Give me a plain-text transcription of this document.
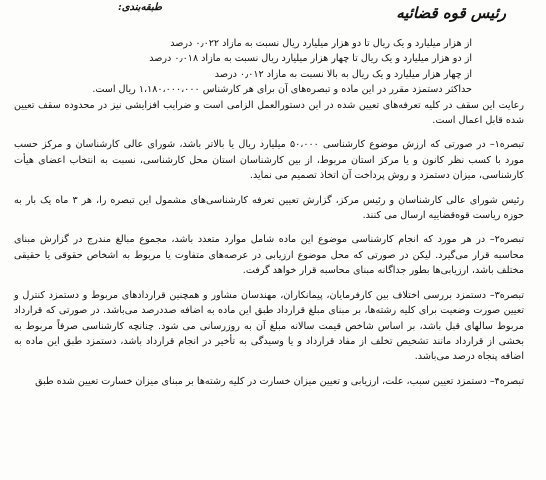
رئیس قوه قضائیه
طبقه‌بندی:

از هزار میلیارد و یک ریال تا دو هزار میلیارد ریال نسبت به مازاد ۰٫۰۲۲ درصد

از دو هزار میلیارد و یک ریال تا چهار هزار میلیارد ریال نسبت به مازاد ۰٫۰۱۸ درصد

از چهار هزار میلیارد و یک ریال به بالا نسبت به مازاد ۰٫۰۱۲ درصد

حداکثر دستمزد مقرر در این ماده و تبصره‌های آن برای هر کارشناس ۱،۱۸۰،۰۰۰،۰۰۰ ریال است.

رعایت این سقف در کلیه تعرفه‌های تعیین شده در این دستورالعمل الزامی است و ضرایب افزایشی نیز در محدوده سقف تعیین شده قابل اعمال است.

تبصره۱– در صورتی که ارزش موضوع کارشناسی ۵۰،۰۰۰ میلیارد ریال یا بالاتر باشد، شورای عالی کارشناسان و مرکز حسب مورد با کسب نظر کانون و یا مرکز استان مربوط، از بین کارشناسان استان محل کارشناسی، نسبت به انتخاب اعضای هیأت کارشناسی، میزان دستمزد و روش پرداخت آن اتخاذ تصمیم می نماید.

رئیس شورای عالی کارشناسان و رئیس مرکز، گزارش تعیین تعرفه کارشناسی‌های مشمول این تبصره را، هر ۳ ماه یک بار به حوزه ریاست قوه‌قضاییه ارسال می کنند.

تبصره۲– در هر مورد که انجام کارشناسی موضوع این ماده شامل موارد متعدد باشد، مجموع مبالغ مندرج در گزارش مبنای محاسبه قرار می‌گیرد. لیکن در صورتی که محل موضوع ارزیابی در عرصه‌های متفاوت یا مربوط به اشخاص حقوقی یا حقیقی مختلف باشد، ارزیابی‌ها بطور جداگانه مبنای محاسبه قرار خواهد گرفت.

تبصره۳– دستمزد بررسی اختلاف بین کارفرمایان، پیمانکاران، مهندسان مشاور و همچنین قراردادهای مربوط و دستمزد کنترل و تعیین صورت وضعیت برای کلیه رشته‌ها، بر مبنای مبلغ قرارداد طبق این ماده به اضافه صددرصد می‌باشد. در صورتی که قرارداد مربوط سالهای قبل باشد، بر اساس شاخص قیمت سالانه مبلغ آن به روزرسانی می شود. چنانچه کارشناسی صرفاً مربوط به بخشی از قرارداد مانند تشخیص تخلف از مفاد قرارداد و یا وسیدگی به تأخیر در انجام قرارداد باشد، دستمزد طبق این ماده به اضافه پنجاه درصد می‌باشد.

تبصره۴– دستمزد تعیین سبب، علت، ارزیابی و تعیین میزان خسارت در کلیه رشته‌ها بر مبنای میزان خسارت تعیین شده طبق
